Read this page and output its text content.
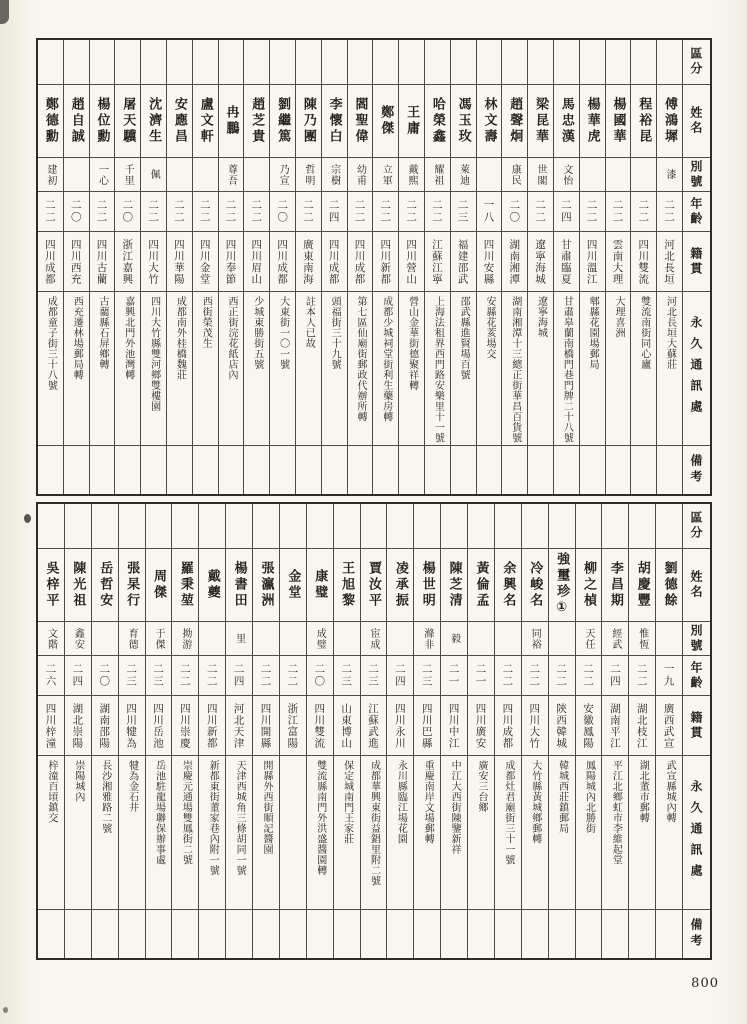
鄭德勳
建初
二二
四川成都
成都童子街三十八號
趙自誠
二〇
四川西充
西充遷林場郵局轉
楊位勳
一心
二二
四川古藺
古藺縣石屏鄉轉
屠天驥
千里
二〇
浙江嘉興
嘉興北門外池灣轉
沈濟生
佩
二二
四川大竹
四川大竹縣雙河鄉雙樓園
安應昌
二二
四川華陽
成都南外桂橋魏莊
盧文軒
二二
四川金堂
西街榮茂生
冉鵬
尊吾
二二
四川奉節
西正街浣花紙店內
趙芝貴
二二
四川眉山
少城東勝街五號
劉繼篤
乃宣
二〇
四川成都
大東街一〇一號
陳乃團
哲明
二二
廣東南海
註本人已故
李懷白
宗樹
二四
四川成都
頭福街三十九號
閻聖偉
幼甫
二二
四川成都
第七區仙廟街郵政代辦所轉
鄭傑
立軍
二二
四川新都
成都少城祠堂街利生藥房轉
王庸
戴熙
二二
四川營山
營山金華街德聚祥轉
哈榮鑫
耀祖
二二
江蘇江寧
上海法租界西門路安樂里十一號
馮玉玫
萊迪
二三
福建邵武
邵武縣進賢場百號
林文壽
一八
四川安縣
安縣花荄場交
趙聲炯
康民
二〇
湖南湘潭
湖南湘潭十三總正街華昌百貨號
梁昆華
世閣
二二
遼寧海城
遼寧海城
馬忠漢
文怡
二四
甘肅臨夏
甘肅皋蘭南橋門巷門牌二十八號
楊華虎
二二
四川溫江
郫縣花園場郵局
楊國華
二二
雲南大理
大理喜洲
程裕昆
二二
四川雙流
雙流南街同心廬
傅鴻墀
漆
二二
河北長垣
河北長垣大蘇莊
區分
姓名
別號
年齡
籍貫
永久通訊處
備考
吳梓平
文階
二六
四川梓潼
梓潼百頃鎮交
陳光祖
鑫安
二四
湖北崇陽
崇陽城內
岳哲安
二〇
湖南邵陽
長沙湘雅路二號
張杲行
育德
二三
四川犍為
犍為金石井
周傑
于傑
二三
四川岳池
岳池駐龍場聯保辦事處
羅秉堃
拗游
二二
四川崇慶
崇慶元通場雙鳳街二號
戴夔
二二
四川新都
新都東街董家巷內附一號
楊書田
里
二四
河北天津
天津西城角三條胡同一號
張瀛洲
二二
四川開縣
開縣外西街順記醬園
金堂
二二
浙江富陽
康璧
成璧
二〇
四川雙流
雙流縣南門外洪盛醬園轉
王旭黎
二三
山東博山
保定城南門王家莊
賈汝平
宦成
二三
江蘇武進
成都華興東街益錩里附二號
凌承振
二四
四川永川
永川縣臨江場花園
楊世明
滌非
二三
四川巴縣
重慶南岸文場郵轉
陳芝清
毅
二一
四川中江
中江大西街陳鑒新祥
黃倫孟
二一
四川廣安
廣安三台鄉
余興名
二二
四川成都
成都灶君廟街三十一號
冷峻名
同裕
二二
四川大竹
大竹縣黃城鄉郵轉
強璽珍①
二二
陝西韓城
韓城西莊鎮郵局
柳之楨
天任
二二
安徽鳳陽
鳳陽城內北勝街
李昌期
經武
二四
湖南平江
平江北鄉虹市李維起堂
胡慶豐
惟恆
二二
湖北枝江
湖北董市郵轉
劉德餘
一九
廣西武宣
武宣縣城內轉
區分
姓名
別號
年齡
籍貫
永久通訊處
備考
800
